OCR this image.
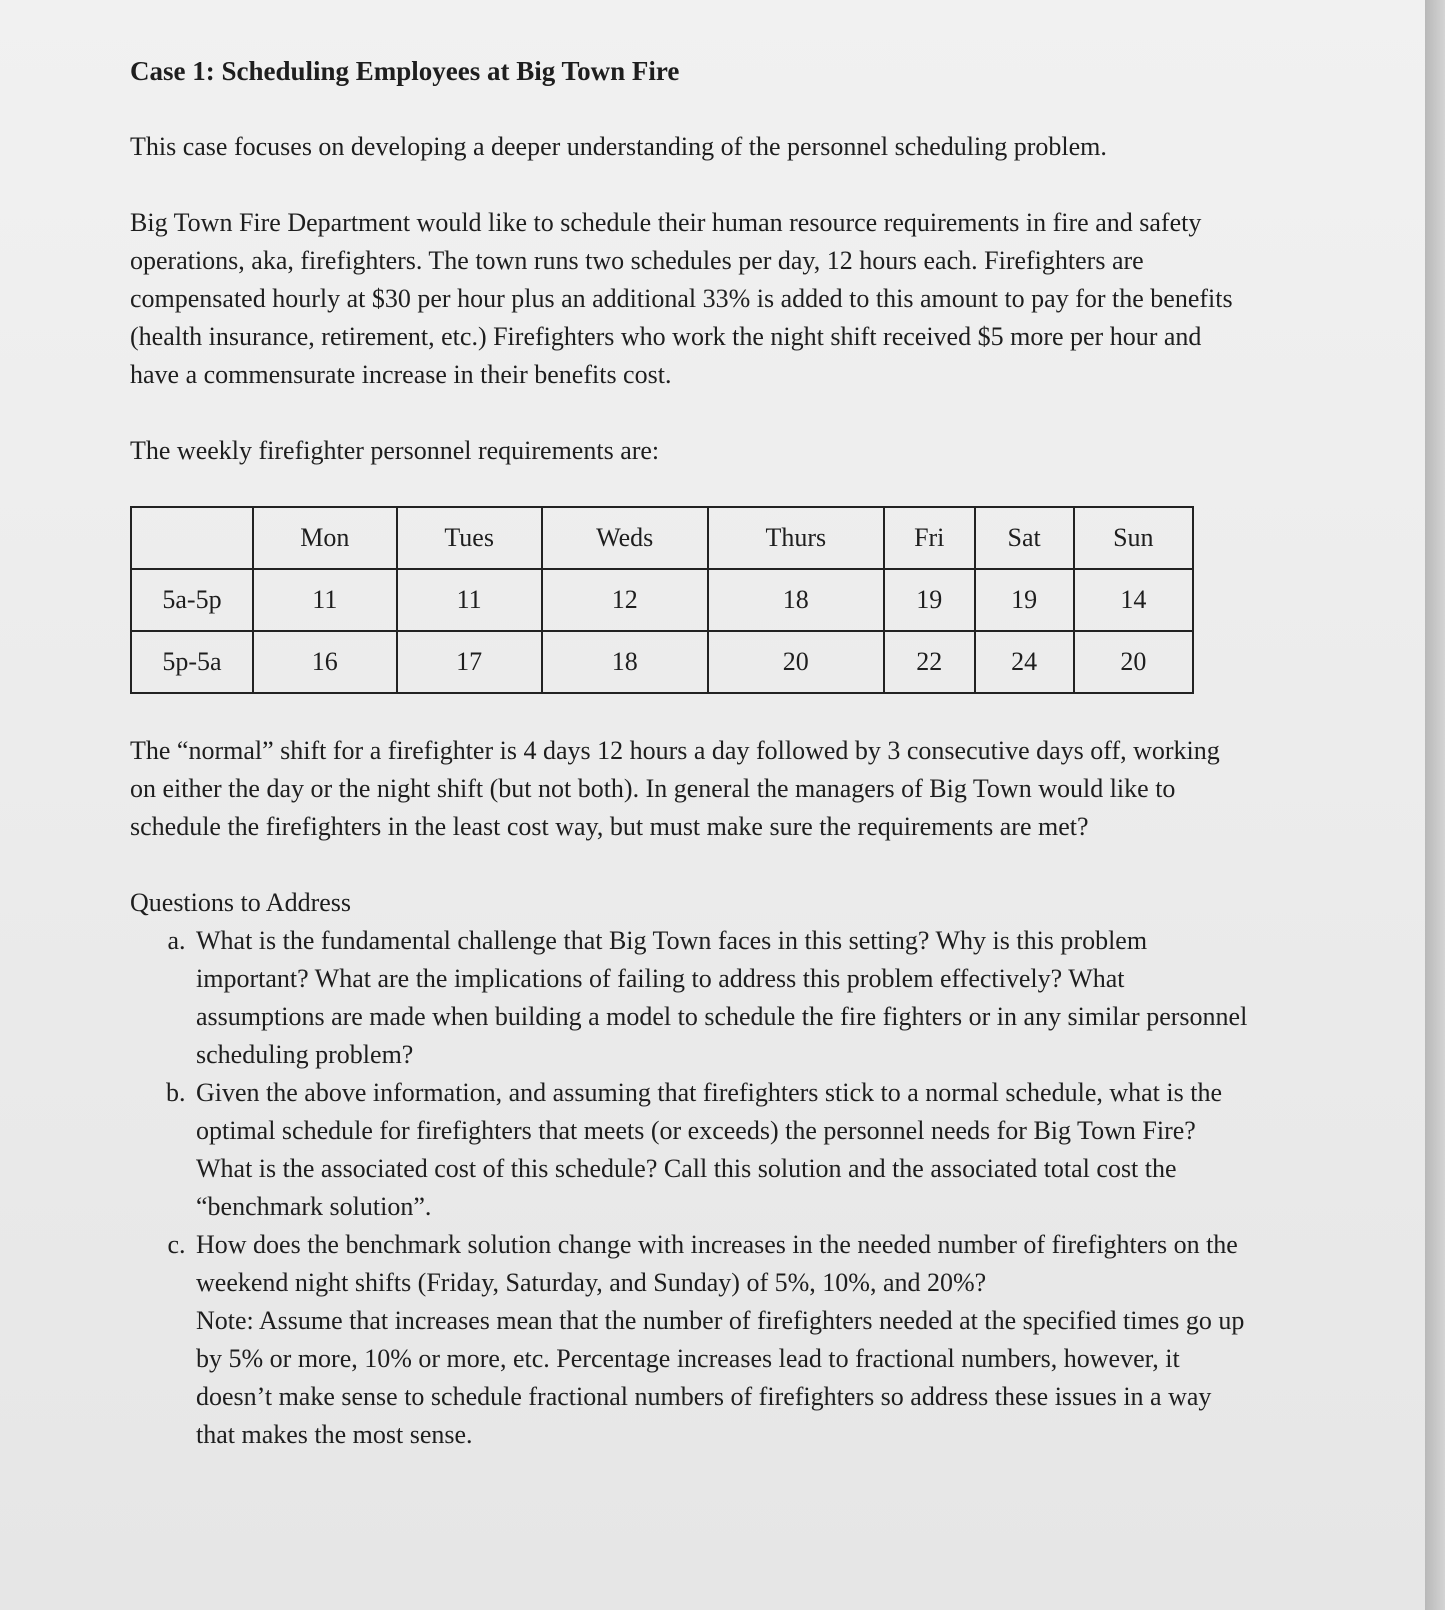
Case 1: Scheduling Employees at Big Town Fire

This case focuses on developing a deeper understanding of the personnel scheduling problem.

Big Town Fire Department would like to schedule their human resource requirements in fire and safety operations, aka, firefighters. The town runs two schedules per day, 12 hours each. Firefighters are compensated hourly at $30 per hour plus an additional 33% is added to this amount to pay for the benefits (health insurance, retirement, etc.) Firefighters who work the night shift received $5 more per hour and have a commensurate increase in their benefits cost.

The weekly firefighter personnel requirements are:

	Mon	Tues	Weds	Thurs	Fri	Sat	Sun
5a-5p	11	11	12	18	19	19	14
5p-5a	16	17	18	20	22	24	20

The “normal” shift for a firefighter is 4 days 12 hours a day followed by 3 consecutive days off, working on either the day or the night shift (but not both). In general the managers of Big Town would like to schedule the firefighters in the least cost way, but must make sure the requirements are met?

Questions to Address

a. What is the fundamental challenge that Big Town faces in this setting? Why is this problem important? What are the implications of failing to address this problem effectively? What assumptions are made when building a model to schedule the fire fighters or in any similar personnel scheduling problem?
b. Given the above information, and assuming that firefighters stick to a normal schedule, what is the optimal schedule for firefighters that meets (or exceeds) the personnel needs for Big Town Fire? What is the associated cost of this schedule? Call this solution and the associated total cost the “benchmark solution”.
c. How does the benchmark solution change with increases in the needed number of firefighters on the weekend night shifts (Friday, Saturday, and Sunday) of 5%, 10%, and 20%?

Note: Assume that increases mean that the number of firefighters needed at the specified times go up by 5% or more, 10% or more, etc. Percentage increases lead to fractional numbers, however, it doesn’t make sense to schedule fractional numbers of firefighters so address these issues in a way that makes the most sense.
